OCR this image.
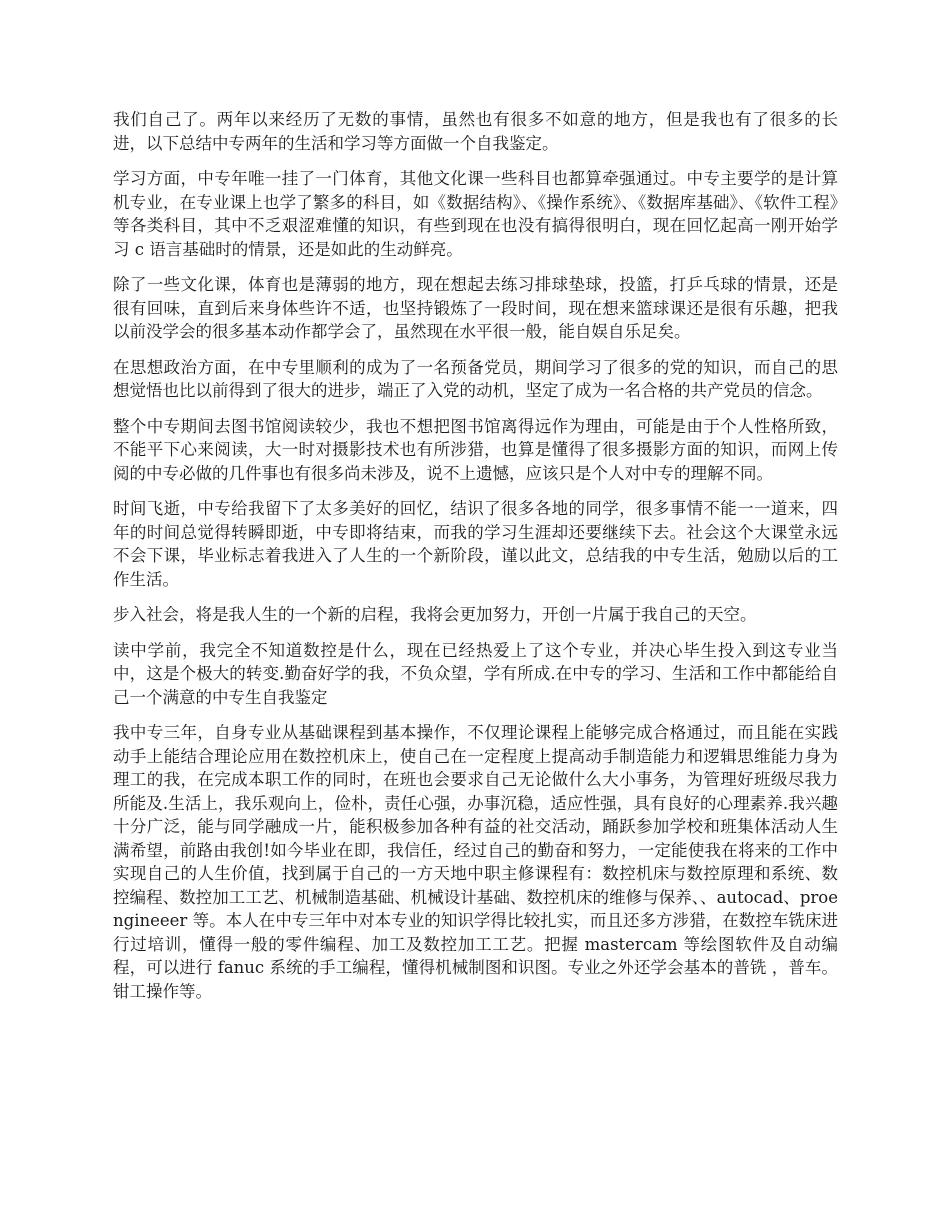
我们自己了。两年以来经历了无数的事情，虽然也有很多不如意的地方，但是我也有了很多的长进，以下总结中专两年的生活和学习等方面做一个自我鉴定。

学习方面，中专年唯一挂了一门体育，其他文化课一些科目也都算牵强通过。中专主要学的是计算机专业，在专业课上也学了繁多的科目，如《数据结构》、《操作系统》、《数据库基础》、《软件工程》等各类科目，其中不乏艰涩难懂的知识，有些到现在也没有搞得很明白，现在回忆起高一刚开始学习 c 语言基础时的情景，还是如此的生动鲜亮。

除了一些文化课，体育也是薄弱的地方，现在想起去练习排球垫球，投篮，打乒乓球的情景，还是很有回味，直到后来身体些许不适，也坚持锻炼了一段时间，现在想来篮球课还是很有乐趣，把我以前没学会的很多基本动作都学会了，虽然现在水平很一般，能自娱自乐足矣。

在思想政治方面，在中专里顺利的成为了一名预备党员，期间学习了很多的党的知识，而自己的思想觉悟也比以前得到了很大的进步，端正了入党的动机，坚定了成为一名合格的共产党员的信念。

整个中专期间去图书馆阅读较少，我也不想把图书馆离得远作为理由，可能是由于个人性格所致，不能平下心来阅读，大一时对摄影技术也有所涉猎，也算是懂得了很多摄影方面的知识，而网上传阅的中专必做的几件事也有很多尚未涉及，说不上遗憾，应该只是个人对中专的理解不同。

时间飞逝，中专给我留下了太多美好的回忆，结识了很多各地的同学，很多事情不能一一道来，四年的时间总觉得转瞬即逝，中专即将结束，而我的学习生涯却还要继续下去。社会这个大课堂永远不会下课，毕业标志着我进入了人生的一个新阶段，谨以此文，总结我的中专生活，勉励以后的工作生活。

步入社会，将是我人生的一个新的启程，我将会更加努力，开创一片属于我自己的天空。

读中学前，我完全不知道数控是什么，现在已经热爱上了这个专业，并决心毕生投入到这专业当中，这是个极大的转变.勤奋好学的我，不负众望，学有所成.在中专的学习、生活和工作中都能给自己一个满意的中专生自我鉴定

我中专三年，自身专业从基础课程到基本操作，不仅理论课程上能够完成合格通过，而且能在实践动手上能结合理论应用在数控机床上，使自己在一定程度上提高动手制造能力和逻辑思维能力身为理工的我，在完成本职工作的同时，在班也会要求自己无论做什么大小事务，为管理好班级尽我力所能及.生活上，我乐观向上，俭朴，责任心强，办事沉稳，适应性强，具有良好的心理素养.我兴趣十分广泛，能与同学融成一片，能积极参加各种有益的社交活动，踊跃参加学校和班集体活动人生满希望，前路由我创!如今毕业在即，我信任，经过自己的勤奋和努力，一定能使我在将来的工作中实现自己的人生价值，找到属于自己的一方天地中职主修课程有：数控机床与数控原理和系统、数控编程、数控加工工艺、机械制造基础、机械设计基础、数控机床的维修与保养、、autocad、proengineeer 等。本人在中专三年中对本专业的知识学得比较扎实，而且还多方涉猎，在数控车铣床进行过培训，懂得一般的零件编程、加工及数控加工工艺。把握 mastercam 等绘图软件及自动编程，可以进行 fanuc 系统的手工编程，懂得机械制图和识图。专业之外还学会基本的普铣 ，普车。钳工操作等。
